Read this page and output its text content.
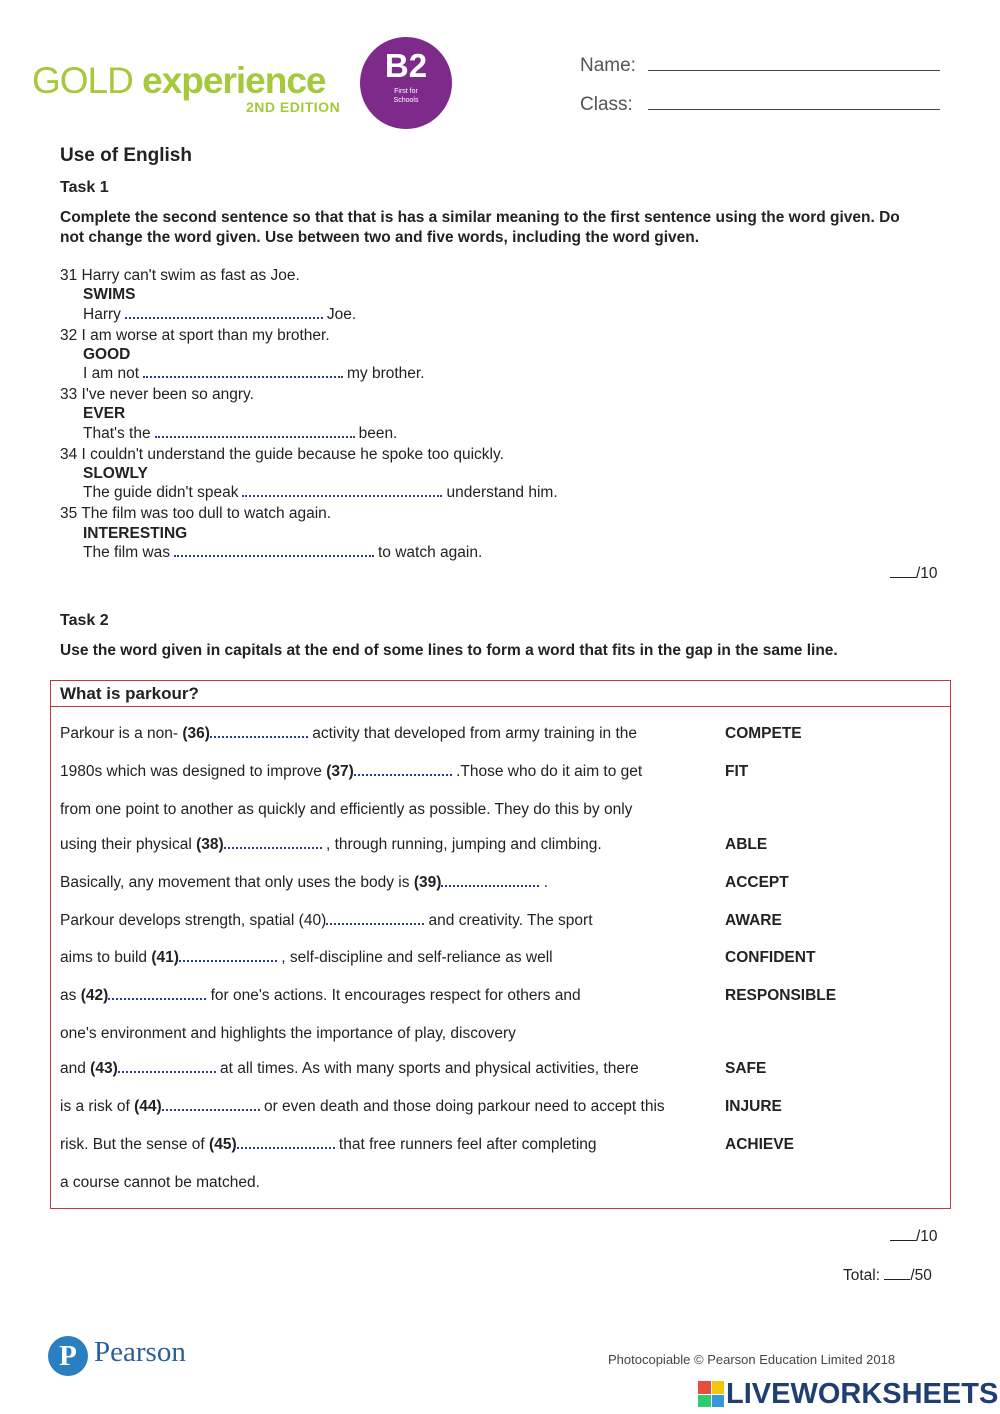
GOLD experience
2ND EDITION
B2
First for
Schools
Name:
Class:
Use of English
Task 1
Complete the second sentence so that that is has a similar meaning to the first sentence using the word given. Do not change the word given. Use between two and five words, including the word given.
31 Harry can't swim as fast as Joe.
SWIMS
Harry	Joe.
32 I am worse at sport than my brother.
GOOD
I am not	my brother.
33 I've never been so angry.
EVER
That's the	been.
34 I couldn't understand the guide because he spoke too quickly.
SLOWLY
The guide didn't speak	understand him.
35 The film was too dull to watch again.
INTERESTING
The film was	to watch again.
/10
Task 2
Use the word given in capitals at the end of some lines to form a word that fits in the gap in the same line.
What is parkour?
Parkour is a non- (36)	activity that developed from army training in the	COMPETE
1980s which was designed to improve (37)	.Those who do it aim to get	FIT
from one point to another as quickly and efficiently as possible. They do this by only
using their physical (38)	, through running, jumping and climbing.	ABLE
Basically, any movement that only uses the body is (39)	.	ACCEPT
Parkour develops strength, spatial (40)	and creativity. The sport	AWARE
aims to build (41)	, self-discipline and self-reliance as well	CONFIDENT
as (42)	for one's actions. It encourages respect for others and	RESPONSIBLE
one's environment and highlights the importance of play, discovery
and (43)	at all times. As with many sports and physical activities, there	SAFE
is a risk of (44)	or even death and those doing parkour need to accept this	INJURE
risk. But the sense of (45)	that free runners feel after completing	ACHIEVE
a course cannot be matched.
/10
Total: /50
P Pearson	Photocopiable © Pearson Education Limited 2018
LIVEWORKSHEETS
